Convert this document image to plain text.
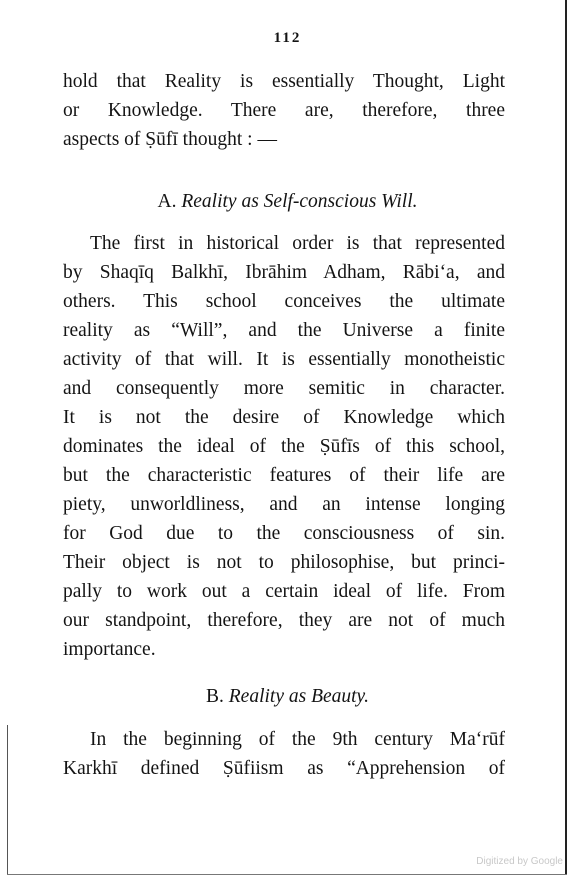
112
hold that Reality is essentially Thought, Light
or Knowledge. There are, therefore, three
aspects of Ṣūfī thought : —
A. Reality as Self-conscious Will.
The first in historical order is that represented
by Shaqīq Balkhī, Ibrāhim Adham, Rābi‘a, and
others. This school conceives the ultimate
reality as “Will”, and the Universe a finite
activity of that will. It is essentially monotheistic
and consequently more semitic in character.
It is not the desire of Knowledge which
dominates the ideal of the Ṣūfīs of this school,
but the characteristic features of their life are
piety, unworldliness, and an intense longing
for God due to the consciousness of sin.
Their object is not to philosophise, but princi-
pally to work out a certain ideal of life. From
our standpoint, therefore, they are not of much
importance.
B. Reality as Beauty.
In the beginning of the 9th century Ma‘rūf
Karkhī defined Ṣūfiism as “Apprehension of
Digitized by Google
